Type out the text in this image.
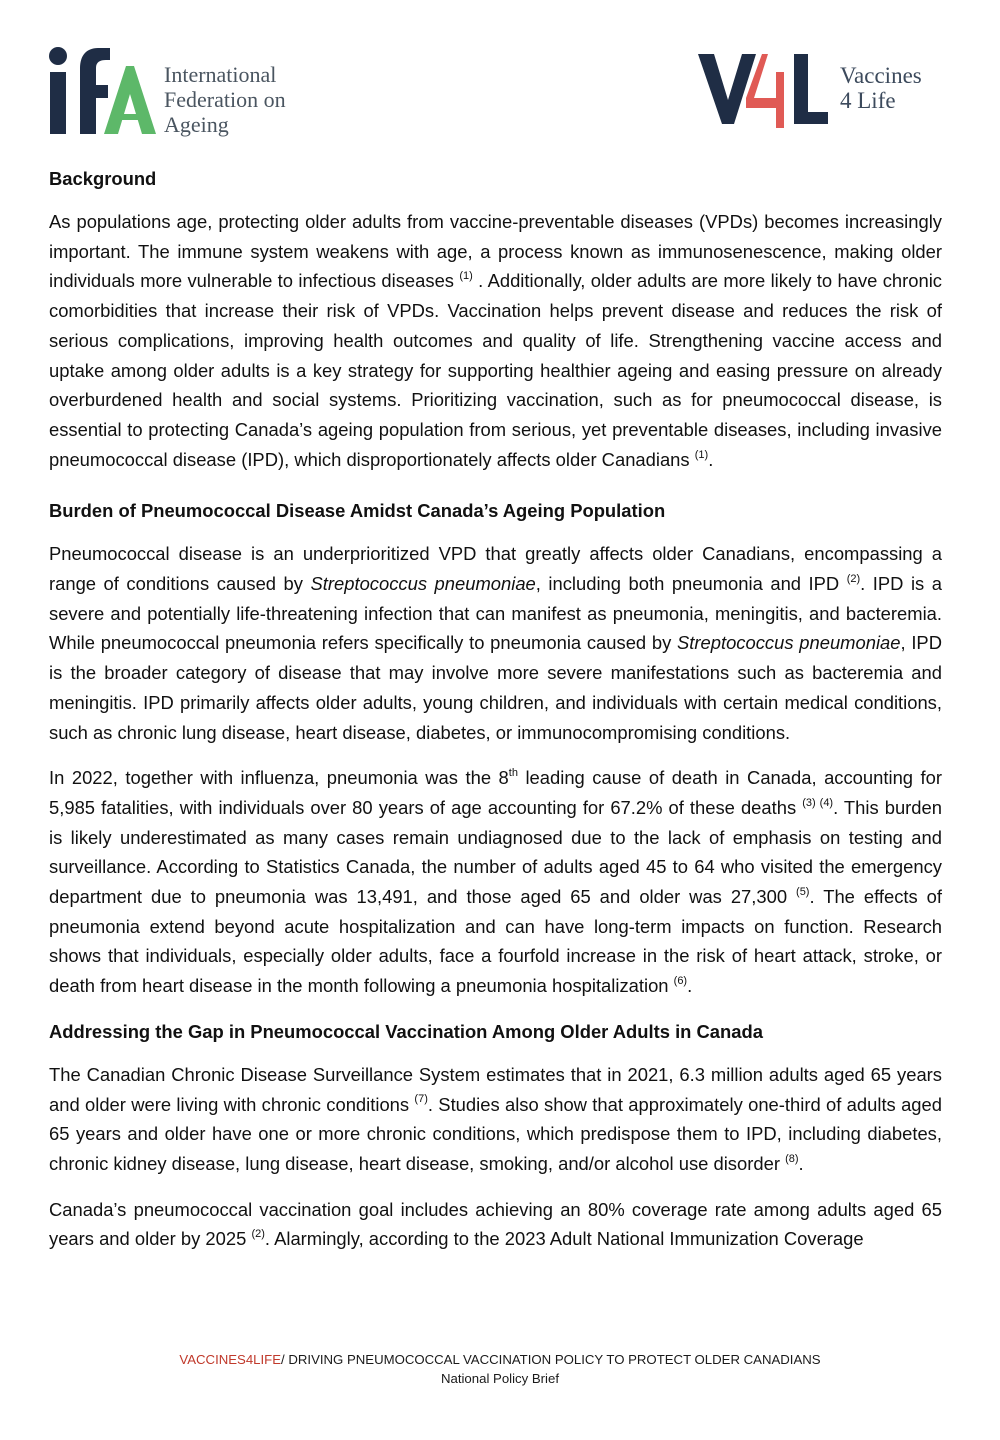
International
Federation on
Ageing
Vaccines
4 Life
Background

As populations age, protecting older adults from vaccine-preventable diseases (VPDs) becomes increasingly important. The immune system weakens with age, a process known as immunosenescence, making older individuals more vulnerable to infectious diseases $^{(1)}$ . Additionally, older adults are more likely to have chronic comorbidities that increase their risk of VPDs. Vaccination helps prevent disease and reduces the risk of serious complications, improving health outcomes and quality of life. Strengthening vaccine access and uptake among older adults is a key strategy for supporting healthier ageing and easing pressure on already overburdened health and social systems. Prioritizing vaccination, such as for pneumococcal disease, is essential to protecting Canada’s ageing population from serious, yet preventable diseases, including invasive pneumococcal disease (IPD), which disproportionately affects older Canadians $^{(1)}$.

Burden of Pneumococcal Disease Amidst Canada’s Ageing Population

Pneumococcal disease is an underprioritized VPD that greatly affects older Canadians, encompassing a range of conditions caused by Streptococcus pneumoniae, including both pneumonia and IPD $^{(2)}$. IPD is a severe and potentially life-threatening infection that can manifest as pneumonia, meningitis, and bacteremia. While pneumococcal pneumonia refers specifically to pneumonia caused by Streptococcus pneumoniae, IPD is the broader category of disease that may involve more severe manifestations such as bacteremia and meningitis. IPD primarily affects older adults, young children, and individuals with certain medical conditions, such as chronic lung disease, heart disease, diabetes, or immunocompromising conditions.

In 2022, together with influenza, pneumonia was the 8th leading cause of death in Canada, accounting for 5,985 fatalities, with individuals over 80 years of age accounting for 67.2% of these deaths $^{(3) (4)}$. This burden is likely underestimated as many cases remain undiagnosed due to the lack of emphasis on testing and surveillance. According to Statistics Canada, the number of adults aged 45 to 64 who visited the emergency department due to pneumonia was 13,491, and those aged 65 and older was 27,300 $^{(5)}$. The effects of pneumonia extend beyond acute hospitalization and can have long-term impacts on function. Research shows that individuals, especially older adults, face a fourfold increase in the risk of heart attack, stroke, or death from heart disease in the month following a pneumonia hospitalization $^{(6)}$.

Addressing the Gap in Pneumococcal Vaccination Among Older Adults in Canada

The Canadian Chronic Disease Surveillance System estimates that in 2021, 6.3 million adults aged 65 years and older were living with chronic conditions $^{(7)}$. Studies also show that approximately one-third of adults aged 65 years and older have one or more chronic conditions, which predispose them to IPD, including diabetes, chronic kidney disease, lung disease, heart disease, smoking, and/or alcohol use disorder $^{(8)}$.

Canada’s pneumococcal vaccination goal includes achieving an 80% coverage rate among adults aged 65 years and older by 2025 $^{(2)}$. Alarmingly, according to the 2023 Adult National Immunization Coverage

VACCINES4LIFE/ DRIVING PNEUMOCOCCAL VACCINATION POLICY TO PROTECT OLDER CANADIANS
National Policy Brief
